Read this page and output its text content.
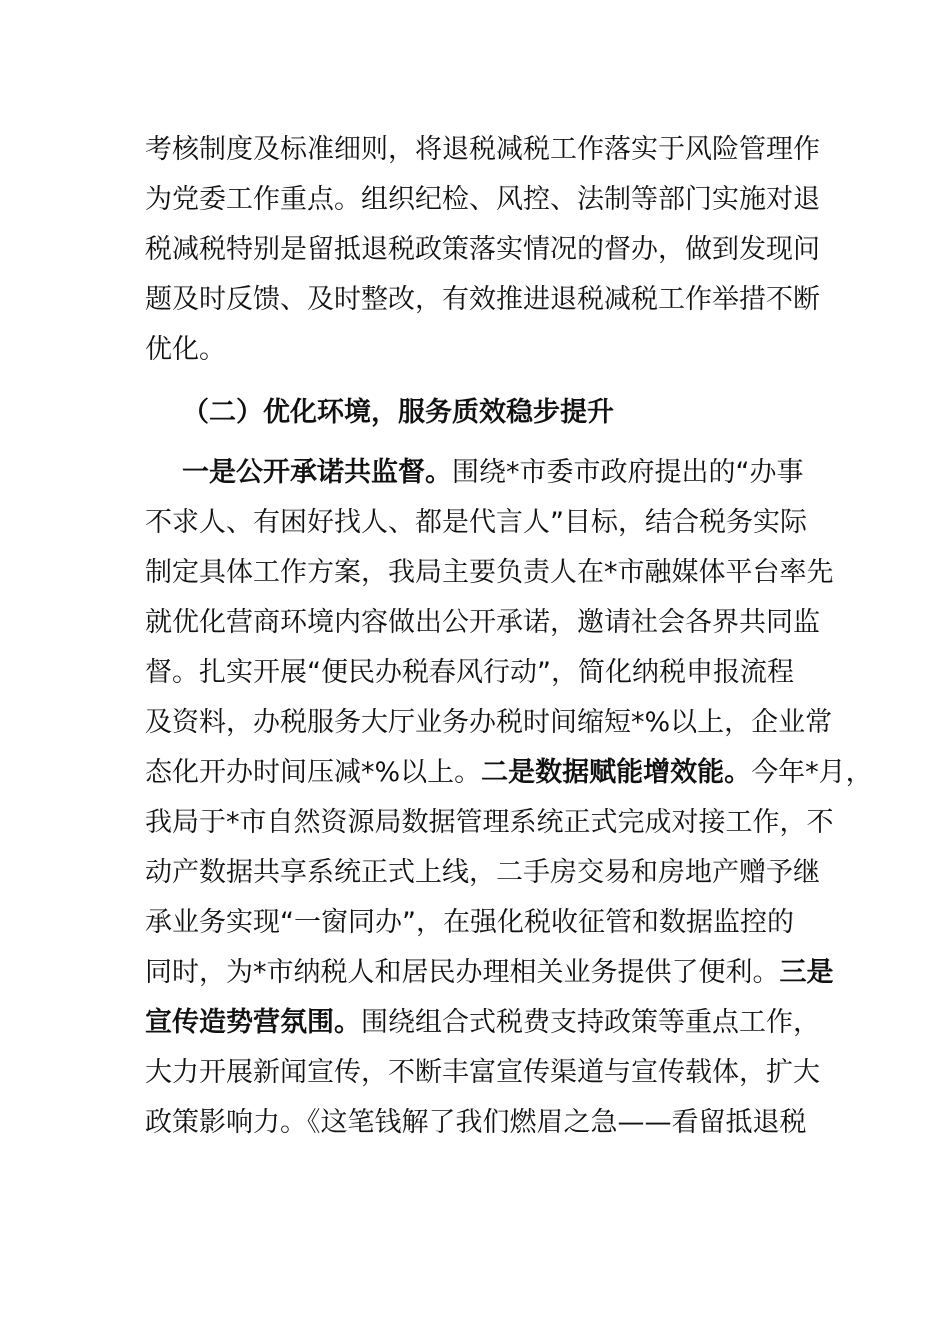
考核制度及标准细则，将退税减税工作落实于风险管理作
为党委工作重点。组织纪检、风控、法制等部门实施对退
税减税特别是留抵退税政策落实情况的督办，做到发现问
题及时反馈、及时整改，有效推进退税减税工作举措不断
优化。
（二）优化环境，服务质效稳步提升
一是公开承诺共监督。围绕*市委市政府提出的“办事
不求人、有困好找人、都是代言人”目标，结合税务实际
制定具体工作方案，我局主要负责人在*市融媒体平台率先
就优化营商环境内容做出公开承诺，邀请社会各界共同监
督。扎实开展“便民办税春风行动”，简化纳税申报流程
及资料，办税服务大厅业务办税时间缩短*%以上，企业常
态化开办时间压减*%以上。二是数据赋能增效能。今年*月，
我局于*市自然资源局数据管理系统正式完成对接工作，不
动产数据共享系统正式上线，二手房交易和房地产赠予继
承业务实现“一窗同办”，在强化税收征管和数据监控的
同时，为*市纳税人和居民办理相关业务提供了便利。三是
宣传造势营氛围。围绕组合式税费支持政策等重点工作，
大力开展新闻宣传，不断丰富宣传渠道与宣传载体，扩大
政策影响力。《这笔钱解了我们燃眉之急——看留抵退税
